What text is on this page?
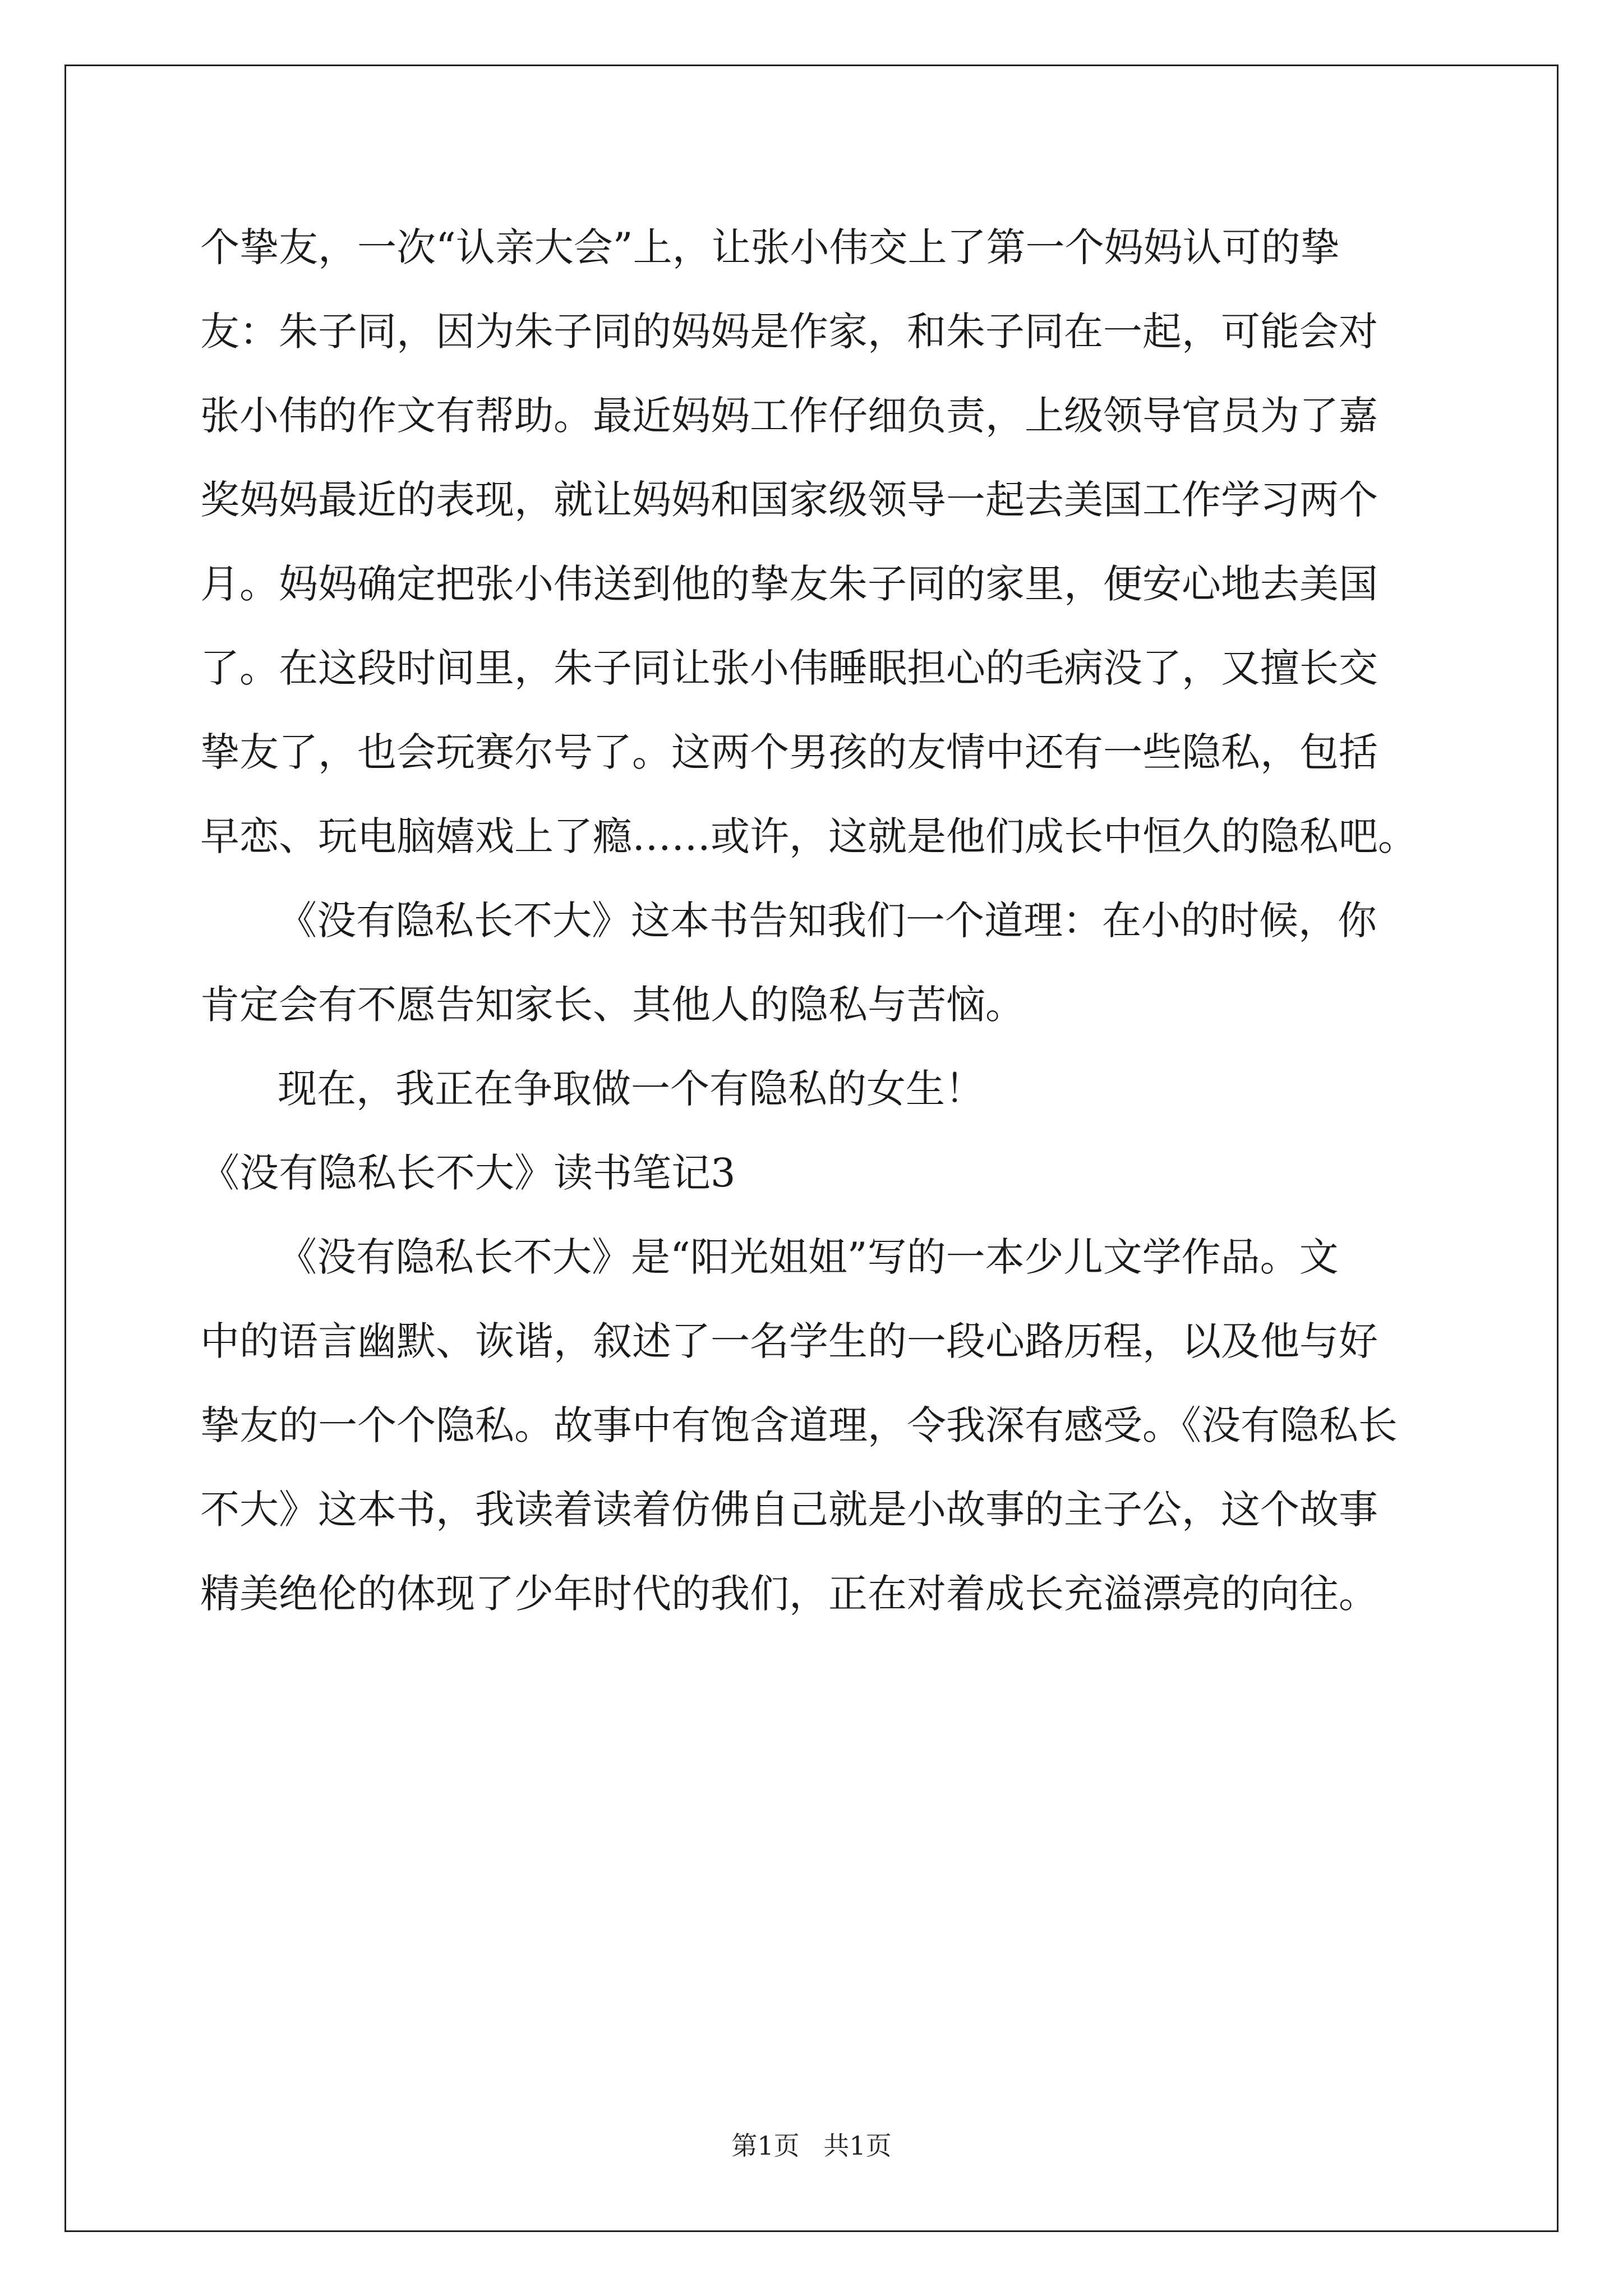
个挚友，一次“认亲大会”上，让张小伟交上了第一个妈妈认可的挚
友：朱子同，因为朱子同的妈妈是作家，和朱子同在一起，可能会对
张小伟的作文有帮助。最近妈妈工作仔细负责，上级领导官员为了嘉
奖妈妈最近的表现，就让妈妈和国家级领导一起去美国工作学习两个
月。妈妈确定把张小伟送到他的挚友朱子同的家里，便安心地去美国
了。在这段时间里，朱子同让张小伟睡眠担心的毛病没了，又擅长交
挚友了，也会玩赛尔号了。这两个男孩的友情中还有一些隐私，包括
早恋、玩电脑嬉戏上了瘾……或许，这就是他们成长中恒久的隐私吧。
《没有隐私长不大》这本书告知我们一个道理：在小的时候，你
肯定会有不愿告知家长、其他人的隐私与苦恼。
现在，我正在争取做一个有隐私的女生！
《没有隐私长不大》读书笔记3
《没有隐私长不大》是“阳光姐姐”写的一本少儿文学作品。文
中的语言幽默、诙谐，叙述了一名学生的一段心路历程，以及他与好
挚友的一个个隐私。故事中有饱含道理，令我深有感受。《没有隐私长
不大》这本书，我读着读着仿佛自己就是小故事的主子公，这个故事
精美绝伦的体现了少年时代的我们，正在对着成长充溢漂亮的向往。
第1页 共1页
